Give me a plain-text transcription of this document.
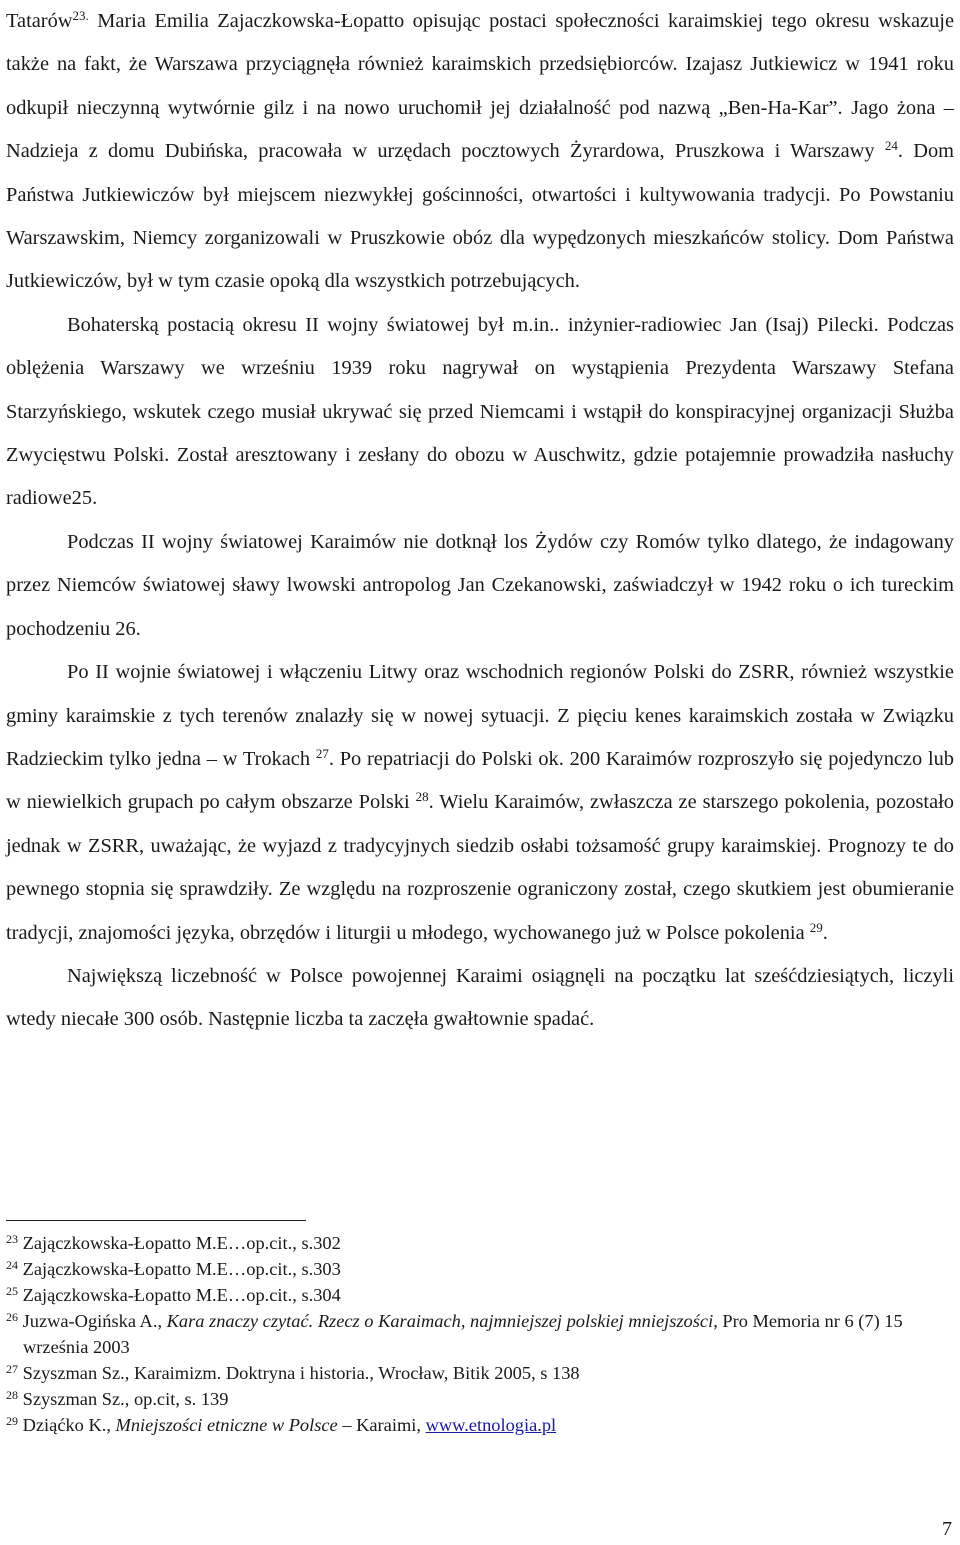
Tatarów$^{23.}$ Maria Emilia Zajaczkowska-Łopatto opisując postaci społeczności karaimskiej tego okresu wskazuje także na fakt, że Warszawa przyciągnęła również karaimskich przedsiębiorców. Izajasz Jutkiewicz w 1941 roku odkupił nieczynną wytwórnie gilz i na nowo uruchomił jej działalność pod nazwą „Ben-Ha-Kar”. Jago żona – Nadzieja z domu Dubińska, pracowała w urzędach pocztowych Żyrardowa, Pruszkowa i Warszawy $^{24}$. Dom Państwa Jutkiewiczów był miejscem niezwykłej gościnności, otwartości i kultywowania tradycji. Po Powstaniu Warszawskim, Niemcy zorganizowali w Pruszkowie obóz dla wypędzonych mieszkańców stolicy. Dom Państwa Jutkiewiczów, był w tym czasie opoką dla wszystkich potrzebujących.

Bohaterską postacią okresu II wojny światowej był m.in.. inżynier-radiowiec Jan (Isaj) Pilecki. Podczas oblężenia Warszawy we wrześniu 1939 roku nagrywał on wystąpienia Prezydenta Warszawy Stefana Starzyńskiego, wskutek czego musiał ukrywać się przed Niemcami i wstąpił do konspiracyjnej organizacji Służba Zwycięstwu Polski. Został aresztowany i zesłany do obozu w Auschwitz, gdzie potajemnie prowadziła nasłuchy radiowe25.

Podczas II wojny światowej Karaimów nie dotknął los Żydów czy Romów tylko dlatego, że indagowany przez Niemców światowej sławy lwowski antropolog Jan Czekanowski, zaświadczył w 1942 roku o ich tureckim pochodzeniu 26.

Po II wojnie światowej i włączeniu Litwy oraz wschodnich regionów Polski do ZSRR, również wszystkie gminy karaimskie z tych terenów znalazły się w nowej sytuacji. Z pięciu kenes karaimskich została w Związku Radzieckim tylko jedna – w Trokach $^{27}$. Po repatriacji do Polski ok. 200 Karaimów rozproszyło się pojedynczo lub w niewielkich grupach po całym obszarze Polski $^{28}$. Wielu Karaimów, zwłaszcza ze starszego pokolenia, pozostało jednak w ZSRR, uważając, że wyjazd z tradycyjnych siedzib osłabi tożsamość grupy karaimskiej. Prognozy te do pewnego stopnia się sprawdziły. Ze względu na rozproszenie ograniczony został, czego skutkiem jest obumieranie tradycji, znajomości języka, obrzędów i liturgii u młodego, wychowanego już w Polsce pokolenia $^{29}$.

Największą liczebność w Polsce powojennej Karaimi osiągnęli na początku lat sześćdziesiątych, liczyli wtedy niecałe 300 osób. Następnie liczba ta zaczęła gwałtownie spadać.

$^{23}$ Zajączkowska-Łopatto M.E…op.cit., s.302

$^{24}$ Zajączkowska-Łopatto M.E…op.cit., s.303

$^{25}$ Zajączkowska-Łopatto M.E…op.cit., s.304

$^{26}$ Juzwa-Ogińska A., Kara znaczy czytać. Rzecz o Karaimach, najmniejszej polskiej mniejszości, Pro Memoria nr 6 (7) 15 września 2003

$^{27}$ Szyszman Sz., Karaimizm. Doktryna i historia., Wrocław, Bitik 2005, s 138

$^{28}$ Szyszman Sz., op.cit, s. 139

$^{29}$ Dziąćko K., Mniejszości etniczne w Polsce – Karaimi, www.etnologia.pl

7
